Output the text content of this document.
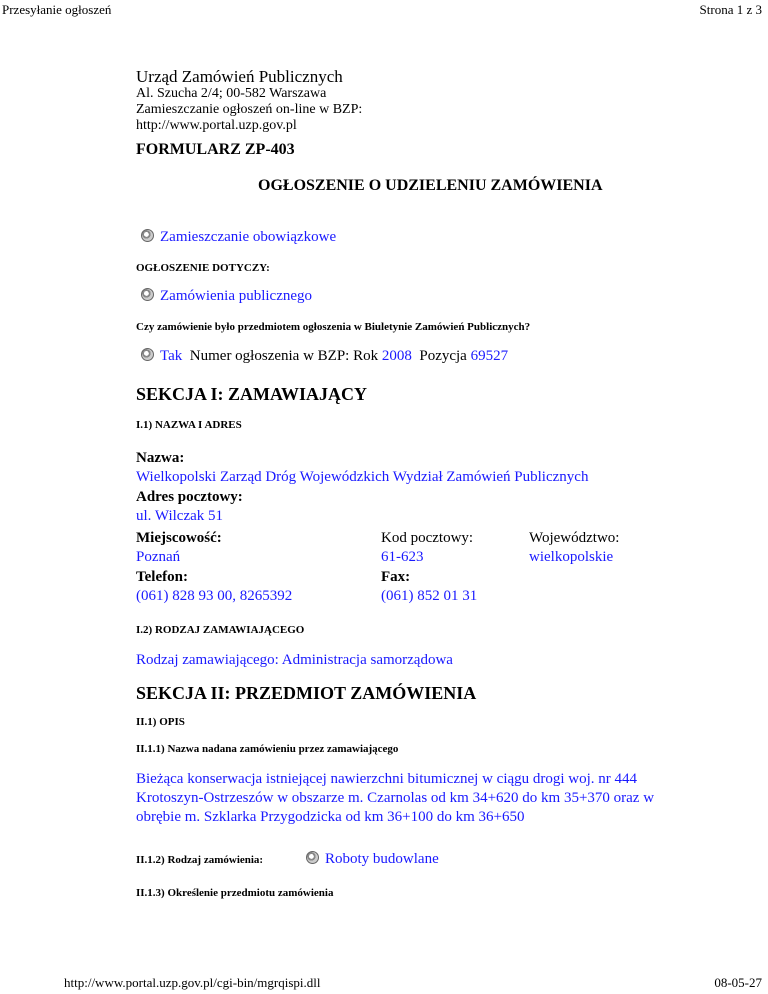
Przesyłanie ogłoszeń	Strona 1 z 3
Urząd Zamówień Publicznych
Al. Szucha 2/4; 00-582 Warszawa
Zamieszczanie ogłoszeń on-line w BZP:
http://www.portal.uzp.gov.pl
FORMULARZ ZP-403
OGŁOSZENIE O UDZIELENIU ZAMÓWIENIA
Zamieszczanie obowiązkowe
OGŁOSZENIE DOTYCZY:
Zamówienia publicznego
Czy zamówienie było przedmiotem ogłoszenia w Biuletynie Zamówień Publicznych?
Tak Numer ogłoszenia w BZP: Rok 2008 Pozycja 69527
SEKCJA I: ZAMAWIAJĄCY
I.1) NAZWA I ADRES
Nazwa:
Wielkopolski Zarząd Dróg Wojewódzkich Wydział Zamówień Publicznych
Adres pocztowy:
ul. Wilczak 51
Miejscowość:
Poznań
Kod pocztowy:
61-623
Województwo:
wielkopolskie
Telefon:
(061) 828 93 00, 8265392
Fax:
(061) 852 01 31
I.2) RODZAJ ZAMAWIAJĄCEGO
Rodzaj zamawiającego: Administracja samorządowa
SEKCJA II: PRZEDMIOT ZAMÓWIENIA
II.1) OPIS
II.1.1) Nazwa nadana zamówieniu przez zamawiającego
Bieżąca konserwacja istniejącej nawierzchni bitumicznej w ciągu drogi woj. nr 444 Krotoszyn-Ostrzeszów w obszarze m. Czarnolas od km 34+620 do km 35+370 oraz w obrębie m. Szklarka Przygodzicka od km 36+100 do km 36+650
II.1.2) Rodzaj zamówienia:	Roboty budowlane
II.1.3) Określenie przedmiotu zamówienia
http://www.portal.uzp.gov.pl/cgi-bin/mgrqispi.dll	08-05-27
